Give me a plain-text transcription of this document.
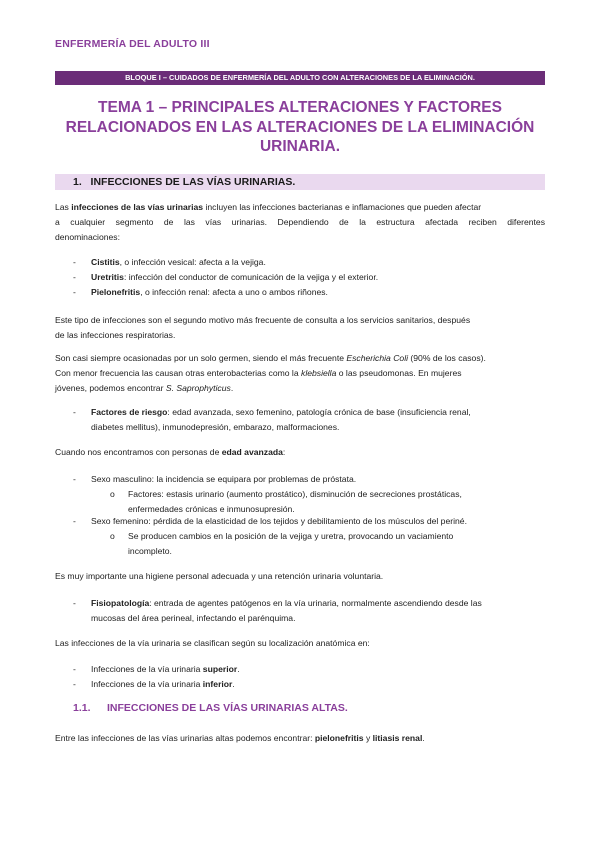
ENFERMERÍA DEL ADULTO III
BLOQUE I – CUIDADOS DE ENFERMERÍA DEL ADULTO CON ALTERACIONES DE LA ELIMINACIÓN.
TEMA 1 – PRINCIPALES ALTERACIONES Y FACTORES
RELACIONADOS EN LAS ALTERACIONES DE LA ELIMINACIÓN
URINARIA.
1. INFECCIONES DE LAS VÍAS URINARIAS.
Las infecciones de las vías urinarias incluyen las infecciones bacterianas e inflamaciones que pueden afectar
a cualquier segmento de las vías urinarias. Dependiendo de la estructura afectada reciben diferentes
denominaciones:
- Cistitis, o infección vesical: afecta a la vejiga.
- Uretritis: infección del conductor de comunicación de la vejiga y el exterior.
- Pielonefritis, o infección renal: afecta a uno o ambos riñones.
Este tipo de infecciones son el segundo motivo más frecuente de consulta a los servicios sanitarios, después
de las infecciones respiratorias.
Son casi siempre ocasionadas por un solo germen, siendo el más frecuente Escherichia Coli (90% de los casos).
Con menor frecuencia las causan otras enterobacterias como la klebsiella o las pseudomonas. En mujeres
jóvenes, podemos encontrar S. Saprophyticus.
- Factores de riesgo: edad avanzada, sexo femenino, patología crónica de base (insuficiencia renal,
diabetes mellitus), inmunodepresión, embarazo, malformaciones.
Cuando nos encontramos con personas de edad avanzada:
- Sexo masculino: la incidencia se equipara por problemas de próstata.
o Factores: estasis urinario (aumento prostático), disminución de secreciones prostáticas,
enfermedades crónicas e inmunosupresión.
- Sexo femenino: pérdida de la elasticidad de los tejidos y debilitamiento de los músculos del periné.
o Se producen cambios en la posición de la vejiga y uretra, provocando un vaciamiento
incompleto.
Es muy importante una higiene personal adecuada y una retención urinaria voluntaria.
- Fisiopatología: entrada de agentes patógenos en la vía urinaria, normalmente ascendiendo desde las
mucosas del área perineal, infectando el parénquima.
Las infecciones de la vía urinaria se clasifican según su localización anatómica en:
- Infecciones de la vía urinaria superior.
- Infecciones de la vía urinaria inferior.
1.1. INFECCIONES DE LAS VÍAS URINARIAS ALTAS.
Entre las infecciones de las vías urinarias altas podemos encontrar: pielonefritis y litiasis renal.
